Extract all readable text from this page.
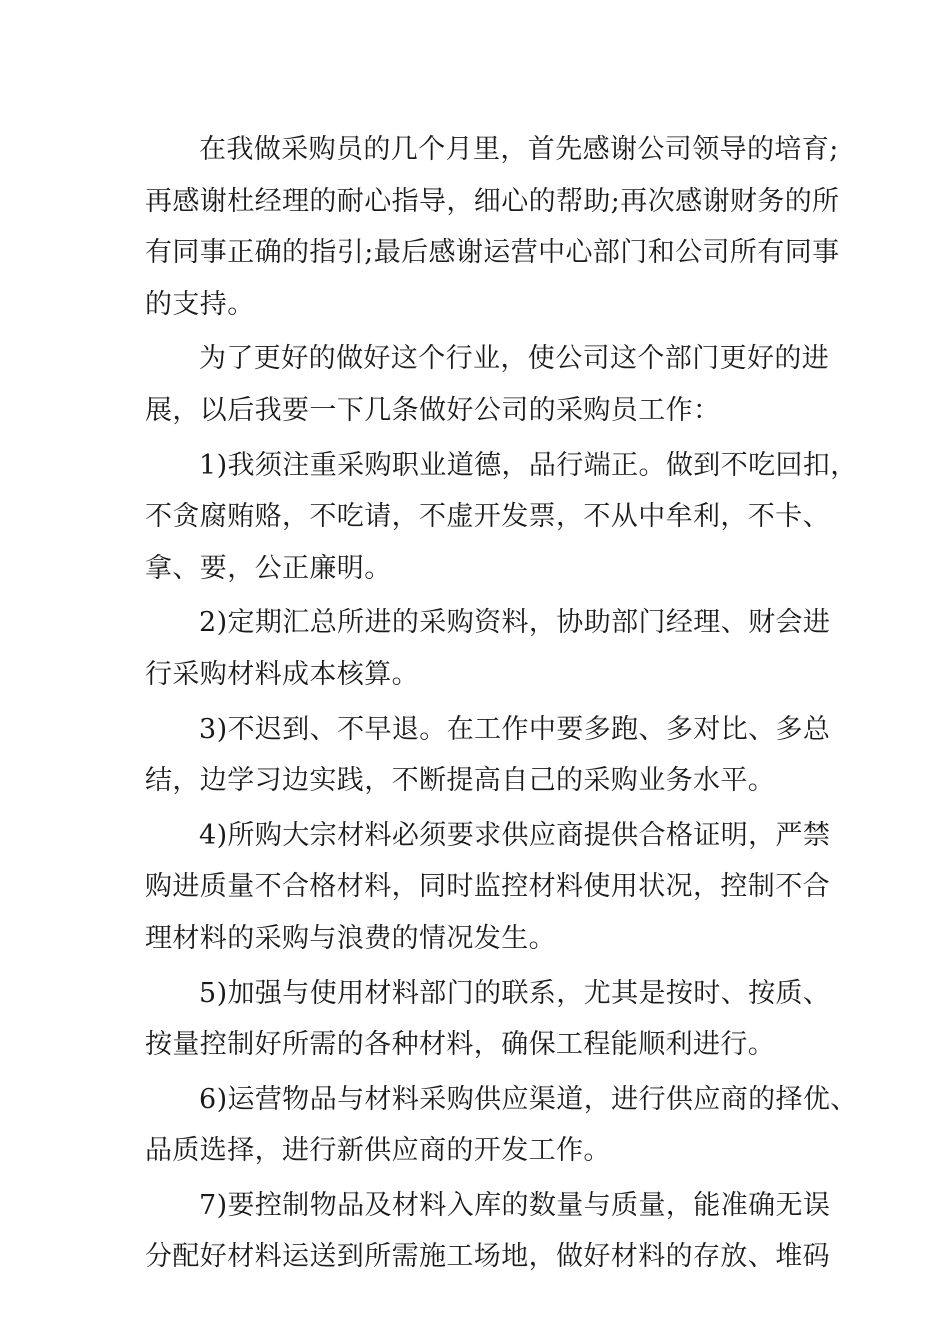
在我做采购员的几个月里，首先感谢公司领导的培育;
再感谢杜经理的耐心指导，细心的帮助;再次感谢财务的所
有同事正确的指引;最后感谢运营中心部门和公司所有同事
的支持。

为了更好的做好这个行业，使公司这个部门更好的进
展，以后我要一下几条做好公司的采购员工作：

1)我须注重采购职业道德，品行端正。做到不吃回扣，
不贪腐贿赂，不吃请，不虚开发票，不从中牟利，不卡、
拿、要，公正廉明。

2)定期汇总所进的采购资料，协助部门经理、财会进
行采购材料成本核算。

3)不迟到、不早退。在工作中要多跑、多对比、多总
结，边学习边实践，不断提高自己的采购业务水平。

4)所购大宗材料必须要求供应商提供合格证明，严禁
购进质量不合格材料，同时监控材料使用状况，控制不合
理材料的采购与浪费的情况发生。

5)加强与使用材料部门的联系，尤其是按时、按质、
按量控制好所需的各种材料，确保工程能顺利进行。

6)运营物品与材料采购供应渠道，进行供应商的择优、
品质选择，进行新供应商的开发工作。

7)要控制物品及材料入库的数量与质量，能准确无误
分配好材料运送到所需施工场地，做好材料的存放、堆码
